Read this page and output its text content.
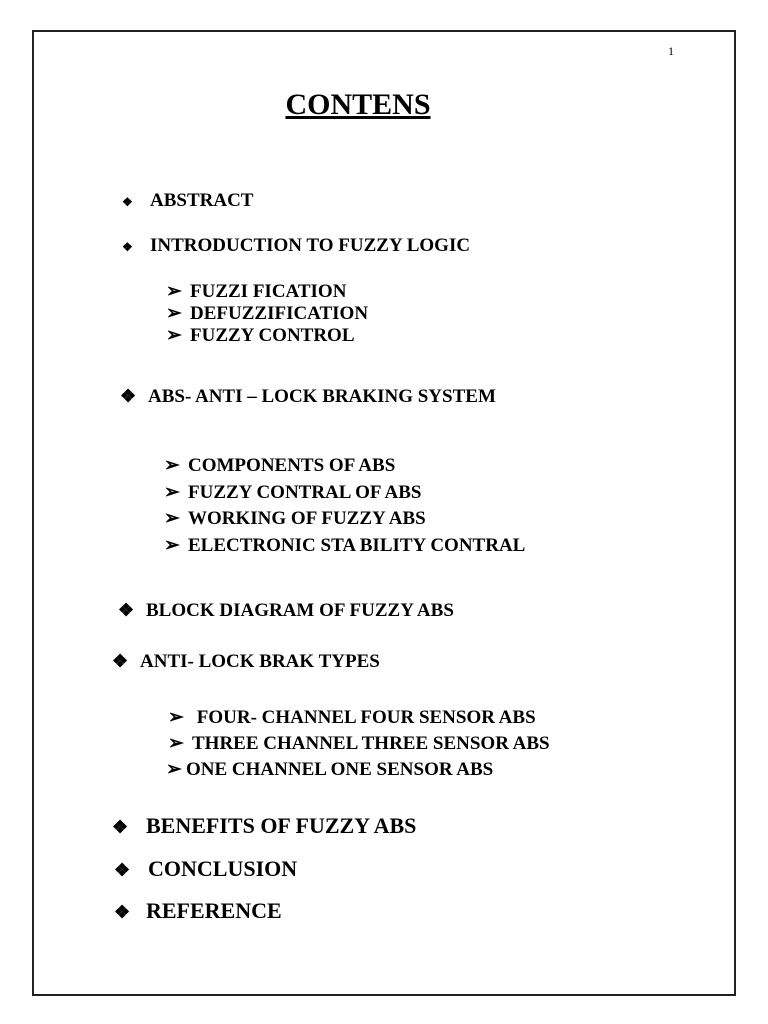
1
CONTENS
❖ ABSTRACT
❖ INTRODUCTION TO FUZZY LOGIC
➢ FUZZI FICATION
➢ DEFUZZIFICATION
➢ FUZZY CONTROL
❖ ABS- ANTI – LOCK BRAKING SYSTEM
➢ COMPONENTS OF ABS
➢ FUZZY CONTRAL OF ABS
➢ WORKING OF FUZZY ABS
➢ ELECTRONIC STA BILITY CONTRAL
❖ BLOCK DIAGRAM OF FUZZY ABS
❖ ANTI- LOCK BRAK TYPES
➢ FOUR- CHANNEL FOUR SENSOR ABS
➢ THREE CHANNEL THREE SENSOR ABS
➢ ONE CHANNEL ONE SENSOR ABS
❖ BENEFITS OF FUZZY ABS
❖ CONCLUSION
❖ REFERENCE
